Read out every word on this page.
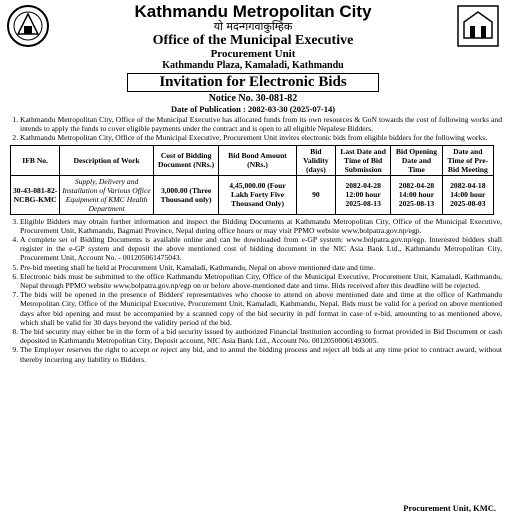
Kathmandu Metropolitan City
यो मदन्गगवाकुम्हिक
Office of the Municipal Executive
Procurement Unit
Kathmandu Plaza, Kamaladi, Kathmandu
Invitation for Electronic Bids
Notice No. 30-081-82
Date of Publication : 2082-03-30 (2025-07-14)
1. Kathmandu Metropolitan City, Office of the Municipal Executive has allocated funds from its own resources & GoN towards the cost of following works and intends to apply the funds to cover eligible payments under the contract and is open to all eligible Nepalese Bidders.
2. Kathmandu Metropolitan City, Office of the Municipal Executive, Procurement Unit invites electronic bids from eligible bidders for the following works.
IFB No.	Description of Work	Cost of Bidding Document (NRs.)	Bid Bond Amount (NRs.)	Bid Validity (days)	Last Date and Time of Bid Submission	Bid Opening Date and Time	Date and Time of Pre-Bid Meeting
30-43-081-82-NCBG-KMC	Supply, Delivery and Installation of Various Office Equipment of KMC Health Department	3,000.00 (Three Thousand only)	4,45,000.00 (Four Lakh Forty Five Thousand Only)	90	2082-04-28 12:00 hour 2025-08-13	2082-04-28 14:00 hour 2025-08-13	2082-04-18 14:00 hour 2025-08-03
3. Eligible Bidders may obtain further information and inspect the Bidding Documents at Kathmandu Metropolitan City, Office of the Municipal Executive, Procurement Unit, Kathmandu, Bagmati Province, Nepal during office hours or may visit PPMO website www.bolpatra.gov.np/egp.
4. A complete set of Bidding Documents is available online and can be downloaded from e-GP system: www.bolpatra.gov.np/egp. Interested bidders shall register in the e-GP system and deposit the above mentioned cost of bidding document in the NIC Asia Bank Ltd., Kathmandu Metropolitan City, Procurement Unit, Account No. - 00120506147504З.
5. Pre-bid meeting shall be held at Procurement Unit, Kamaladi, Kathmandu, Nepal on above mentioned date and time.
6. Electronic bids must be submitted to the office Kathmandu Metropolitan City, Office of the Municipal Executive, Procurement Unit, Kamaladi, Kathmandu, Nepal through PPMO website www.bolpatra.gov.np/egp on or before above-mentioned date and time. Bids received after this deadline will be rejected.
7. The bids will be opened in the presence of Bidders' representatives who choose to attend on above mentioned date and time at the office of Kathmandu Metropolitan City, Office of the Municipal Executive, Procurement Unit, Kamaladi, Kathmandu, Nepal. Bids must be valid for a period on above mentioned days after bid opening and must be accompanied by a scanned copy of the bid security in pdf format in case of e-bid, amounting to as mentioned above, which shall be valid for 30 days beyond the validity period of the bid.
8. The bid security may either be in the form of a bid security issued by authorized Financial Institution according to format provided in Bid Document or cash deposited in Kathmandu Metropolitan City, Deposit account, NIC Asia Bank Ltd., Account No. 00120500061493005.
9. The Employer reserves the right to accept or reject any bid, and to annul the bidding process and reject all bids at any time prior to contract award, without thereby incurring any liability to Bidders.
Procurement Unit, KMC.
